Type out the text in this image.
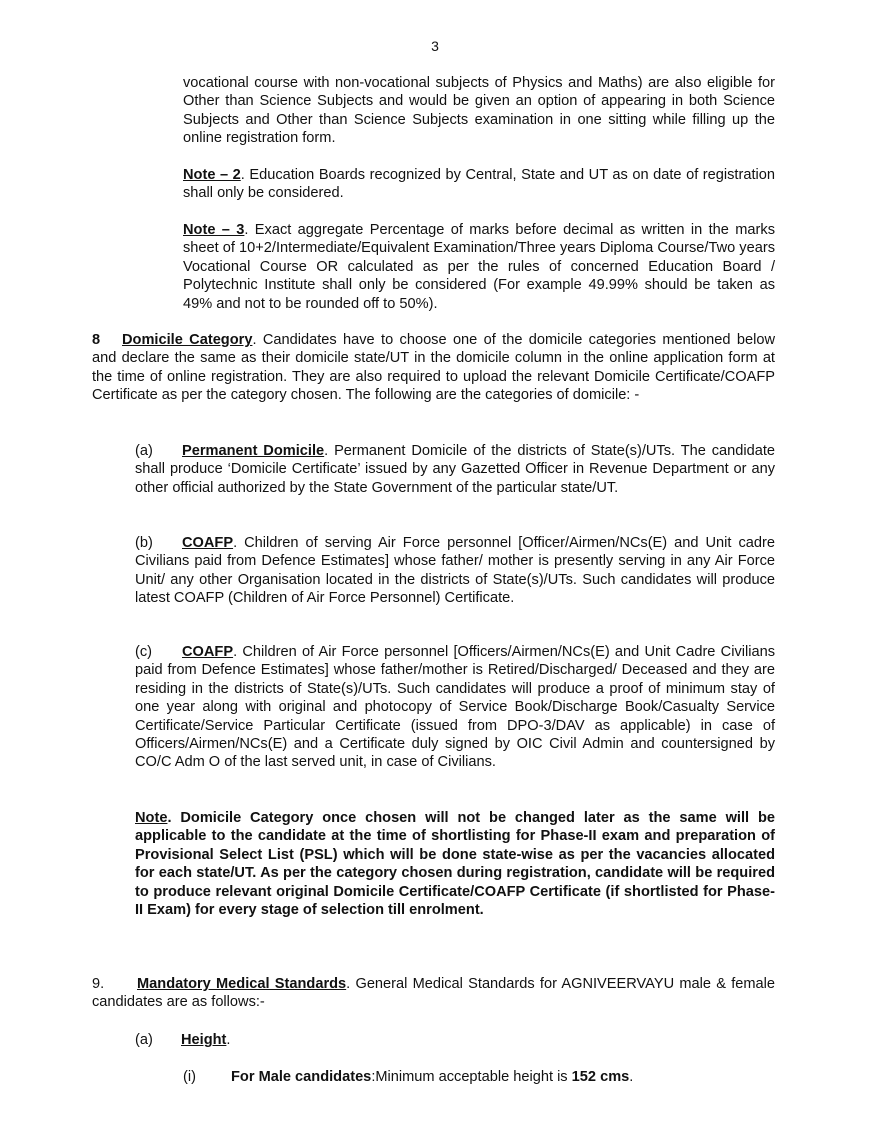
3
vocational course with non-vocational subjects of Physics and Maths) are also eligible for Other than Science Subjects and would be given an option of appearing in both Science Subjects and Other than Science Subjects examination in one sitting while filling up the online registration form.
Note – 2. Education Boards recognized by Central, State and UT as on date of registration shall only be considered.
Note – 3. Exact aggregate Percentage of marks before decimal as written in the marks sheet of 10+2/Intermediate/Equivalent Examination/Three years Diploma Course/Two years Vocational Course OR calculated as per the rules of concerned Education Board / Polytechnic Institute shall only be considered (For example 49.99% should be taken as 49% and not to be rounded off to 50%).
8 Domicile Category. Candidates have to choose one of the domicile categories mentioned below and declare the same as their domicile state/UT in the domicile column in the online application form at the time of online registration. They are also required to upload the relevant Domicile Certificate/COAFP Certificate as per the category chosen. The following are the categories of domicile: -
(a) Permanent Domicile. Permanent Domicile of the districts of State(s)/UTs. The candidate shall produce ‘Domicile Certificate’ issued by any Gazetted Officer in Revenue Department or any other official authorized by the State Government of the particular state/UT.
(b) COAFP. Children of serving Air Force personnel [Officer/Airmen/NCs(E) and Unit cadre Civilians paid from Defence Estimates] whose father/ mother is presently serving in any Air Force Unit/ any other Organisation located in the districts of State(s)/UTs. Such candidates will produce latest COAFP (Children of Air Force Personnel) Certificate.
(c) COAFP. Children of Air Force personnel [Officers/Airmen/NCs(E) and Unit Cadre Civilians paid from Defence Estimates] whose father/mother is Retired/Discharged/ Deceased and they are residing in the districts of State(s)/UTs. Such candidates will produce a proof of minimum stay of one year along with original and photocopy of Service Book/Discharge Book/Casualty Service Certificate/Service Particular Certificate (issued from DPO-3/DAV as applicable) in case of Officers/Airmen/NCs(E) and a Certificate duly signed by OIC Civil Admin and countersigned by CO/C Adm O of the last served unit, in case of Civilians.
Note. Domicile Category once chosen will not be changed later as the same will be applicable to the candidate at the time of shortlisting for Phase-II exam and preparation of Provisional Select List (PSL) which will be done state-wise as per the vacancies allocated for each state/UT. As per the category chosen during registration, candidate will be required to produce relevant original Domicile Certificate/COAFP Certificate (if shortlisted for Phase-II Exam) for every stage of selection till enrolment.
9. Mandatory Medical Standards. General Medical Standards for AGNIVEERVAYU male & female candidates are as follows:-
(a) Height.
(i) For Male candidates:Minimum acceptable height is 152 cms.
